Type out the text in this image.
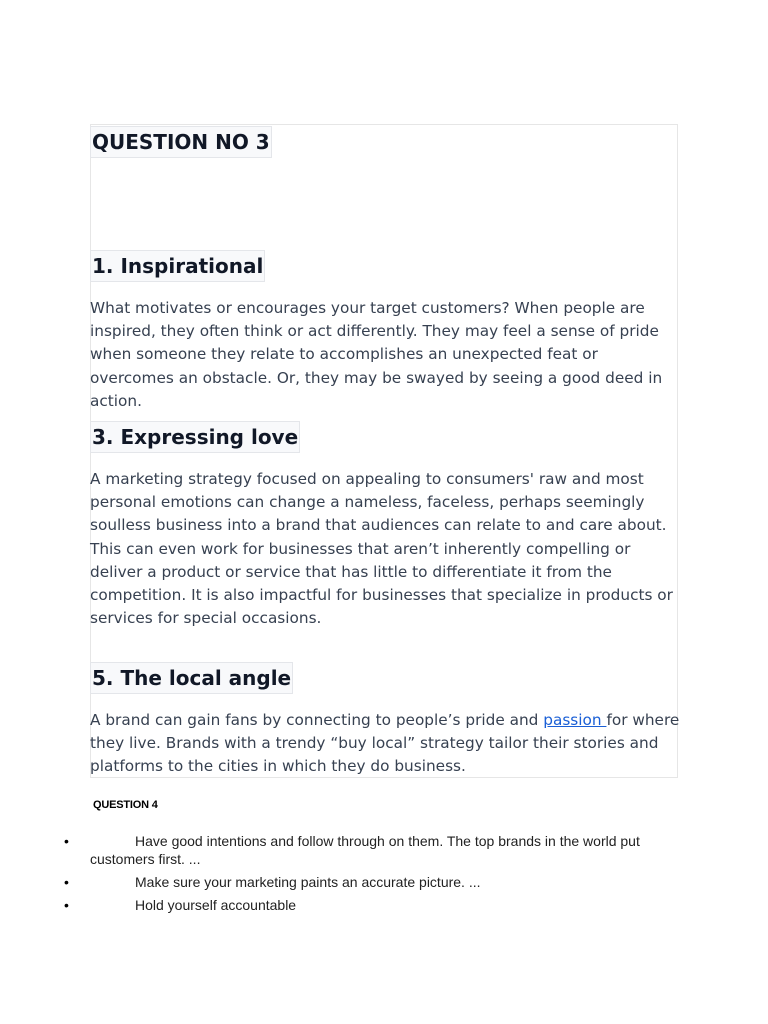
QUESTION NO 3
1. Inspirational

What motivates or encourages your target customers? When people are inspired, they often think or act differently. They may feel a sense of pride when someone they relate to accomplishes an unexpected feat or overcomes an obstacle. Or, they may be swayed by seeing a good deed in action.

3. Expressing love

A marketing strategy focused on appealing to consumers' raw and most personal emotions can change a nameless, faceless, perhaps seemingly soulless business into a brand that audiences can relate to and care about. This can even work for businesses that aren’t inherently compelling or deliver a product or service that has little to differentiate it from the competition. It is also impactful for businesses that specialize in products or services for special occasions.

5. The local angle

A brand can gain fans by connecting to people’s pride and passion for where they live. Brands with a trendy “buy local” strategy tailor their stories and platforms to the cities in which they do business.

QUESTION 4
•	Have good intentions and follow through on them. The top brands in the world put customers first. ...
•	Make sure your marketing paints an accurate picture. ...
•	Hold yourself accountable
